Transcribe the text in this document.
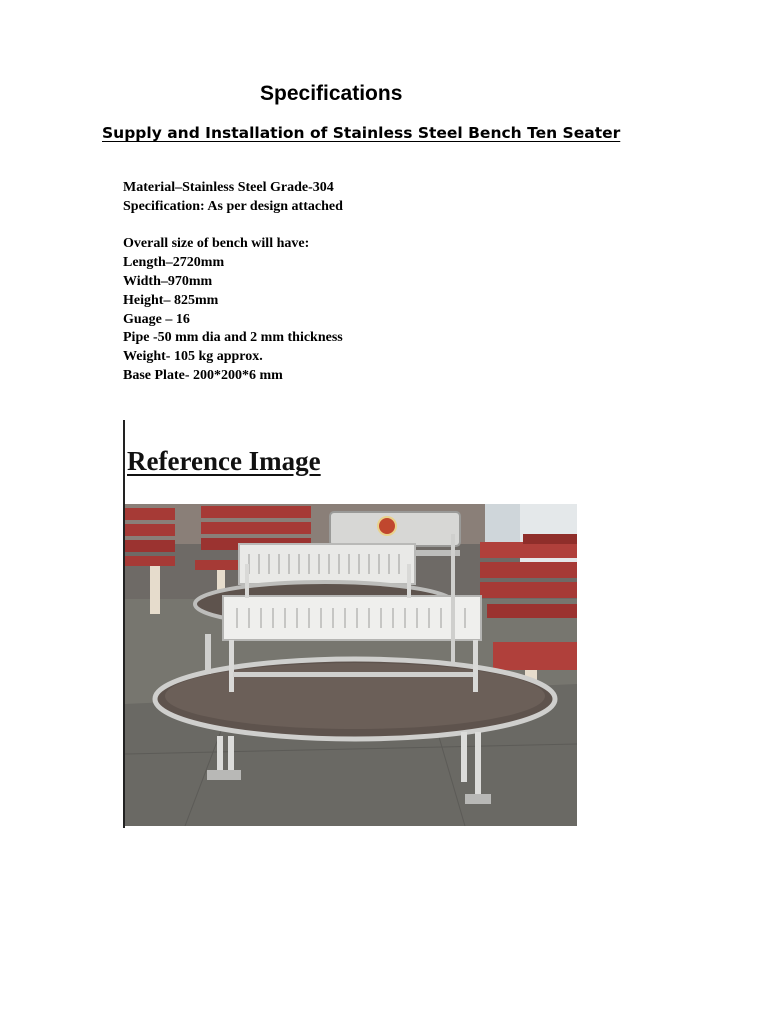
Specifications
Supply and Installation of Stainless Steel Bench Ten Seater
Material–Stainless Steel Grade-304
Specification: As per design attached
Overall size of bench will have:
Length–2720mm
Width–970mm
Height– 825mm
Guage – 16
Pipe -50 mm dia and 2 mm thickness
Weight- 105 kg approx.
Base Plate- 200*200*6 mm
Reference Image
